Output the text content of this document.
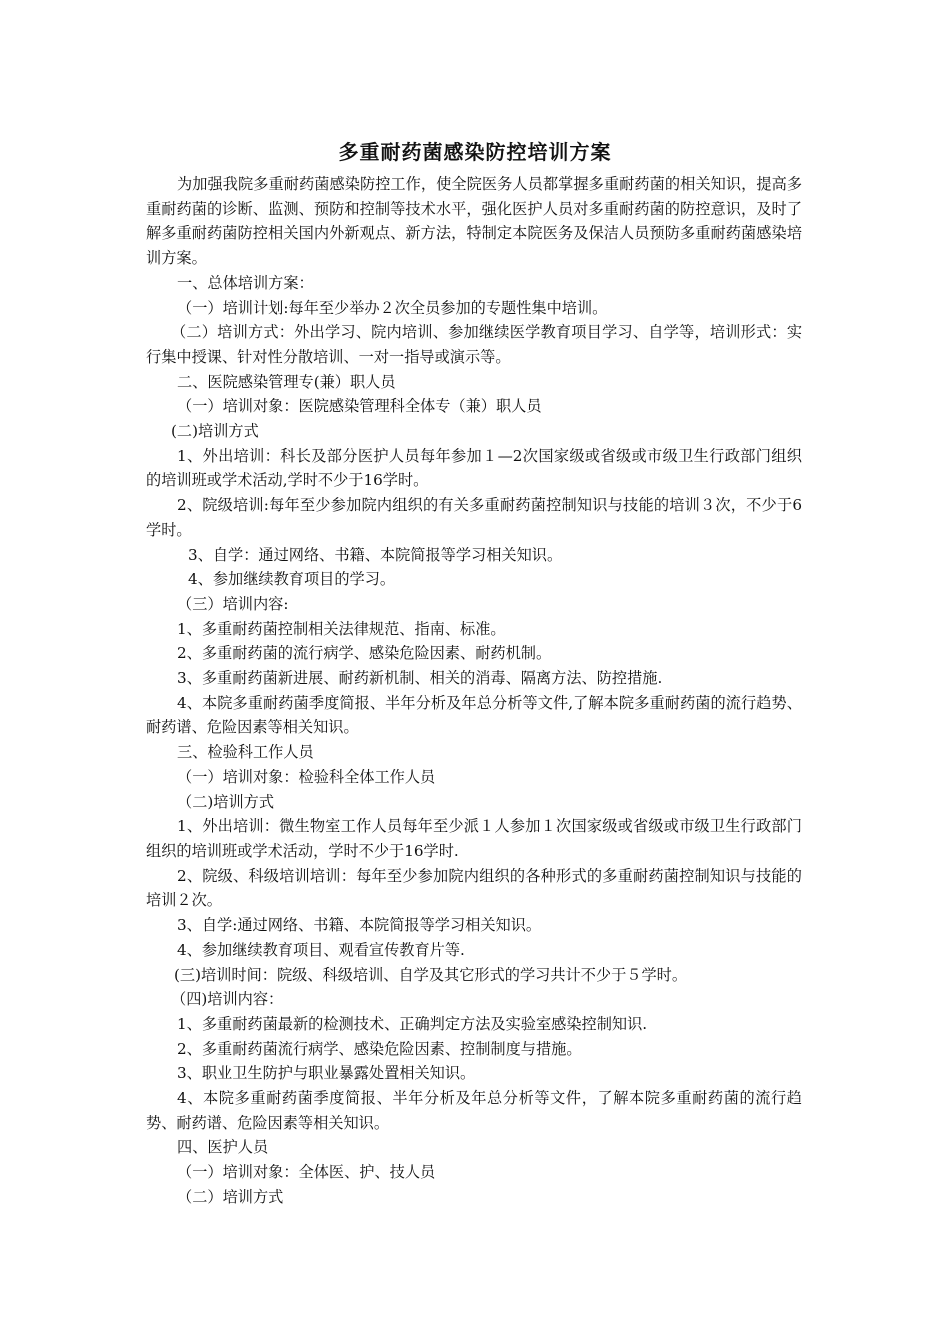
多重耐药菌感染防控培训方案

为加强我院多重耐药菌感染防控工作，使全院医务人员都掌握多重耐药菌的相关知识，提高多重耐药菌的诊断、监测、预防和控制等技术水平，强化医护人员对多重耐药菌的防控意识，及时了解多重耐药菌防控相关国内外新观点、新方法，特制定本院医务及保洁人员预防多重耐药菌感染培训方案。

一、总体培训方案：

（一）培训计划:每年至少举办２次全员参加的专题性集中培训。

（二）培训方式：外出学习、院内培训、参加继续医学教育项目学习、自学等，培训形式：实行集中授课、针对性分散培训、一对一指导或演示等。

二、医院感染管理专(兼）职人员

（一）培训对象：医院感染管理科全体专（兼）职人员

(二)培训方式

1、外出培训：科长及部分医护人员每年参加１—2次国家级或省级或市级卫生行政部门组织的培训班或学术活动,学时不少于16学时。

2、院级培训:每年至少参加院内组织的有关多重耐药菌控制知识与技能的培训３次，不少于6学时。

3、自学：通过网络、书籍、本院简报等学习相关知识。

4、参加继续教育项目的学习。

（三）培训内容:

1、多重耐药菌控制相关法律规范、指南、标准。

2、多重耐药菌的流行病学、感染危险因素、耐药机制。

3、多重耐药菌新进展、耐药新机制、相关的消毒、隔离方法、防控措施.

4、本院多重耐药菌季度简报、半年分析及年总分析等文件,了解本院多重耐药菌的流行趋势、耐药谱、危险因素等相关知识。

三、检验科工作人员

（一）培训对象：检验科全体工作人员

（二)培训方式

1、外出培训：微生物室工作人员每年至少派１人参加１次国家级或省级或市级卫生行政部门组织的培训班或学术活动，学时不少于16学时.

2、院级、科级培训培训：每年至少参加院内组织的各种形式的多重耐药菌控制知识与技能的培训２次。

3、自学:通过网络、书籍、本院简报等学习相关知识。

4、参加继续教育项目、观看宣传教育片等.

(三)培训时间：院级、科级培训、自学及其它形式的学习共计不少于５学时。

（四)培训内容：

1、多重耐药菌最新的检测技术、正确判定方法及实验室感染控制知识.

2、多重耐药菌流行病学、感染危险因素、控制制度与措施。

3、职业卫生防护与职业暴露处置相关知识。

4、本院多重耐药菌季度简报、半年分析及年总分析等文件，了解本院多重耐药菌的流行趋势、耐药谱、危险因素等相关知识。

四、医护人员

（一）培训对象：全体医、护、技人员

（二）培训方式
